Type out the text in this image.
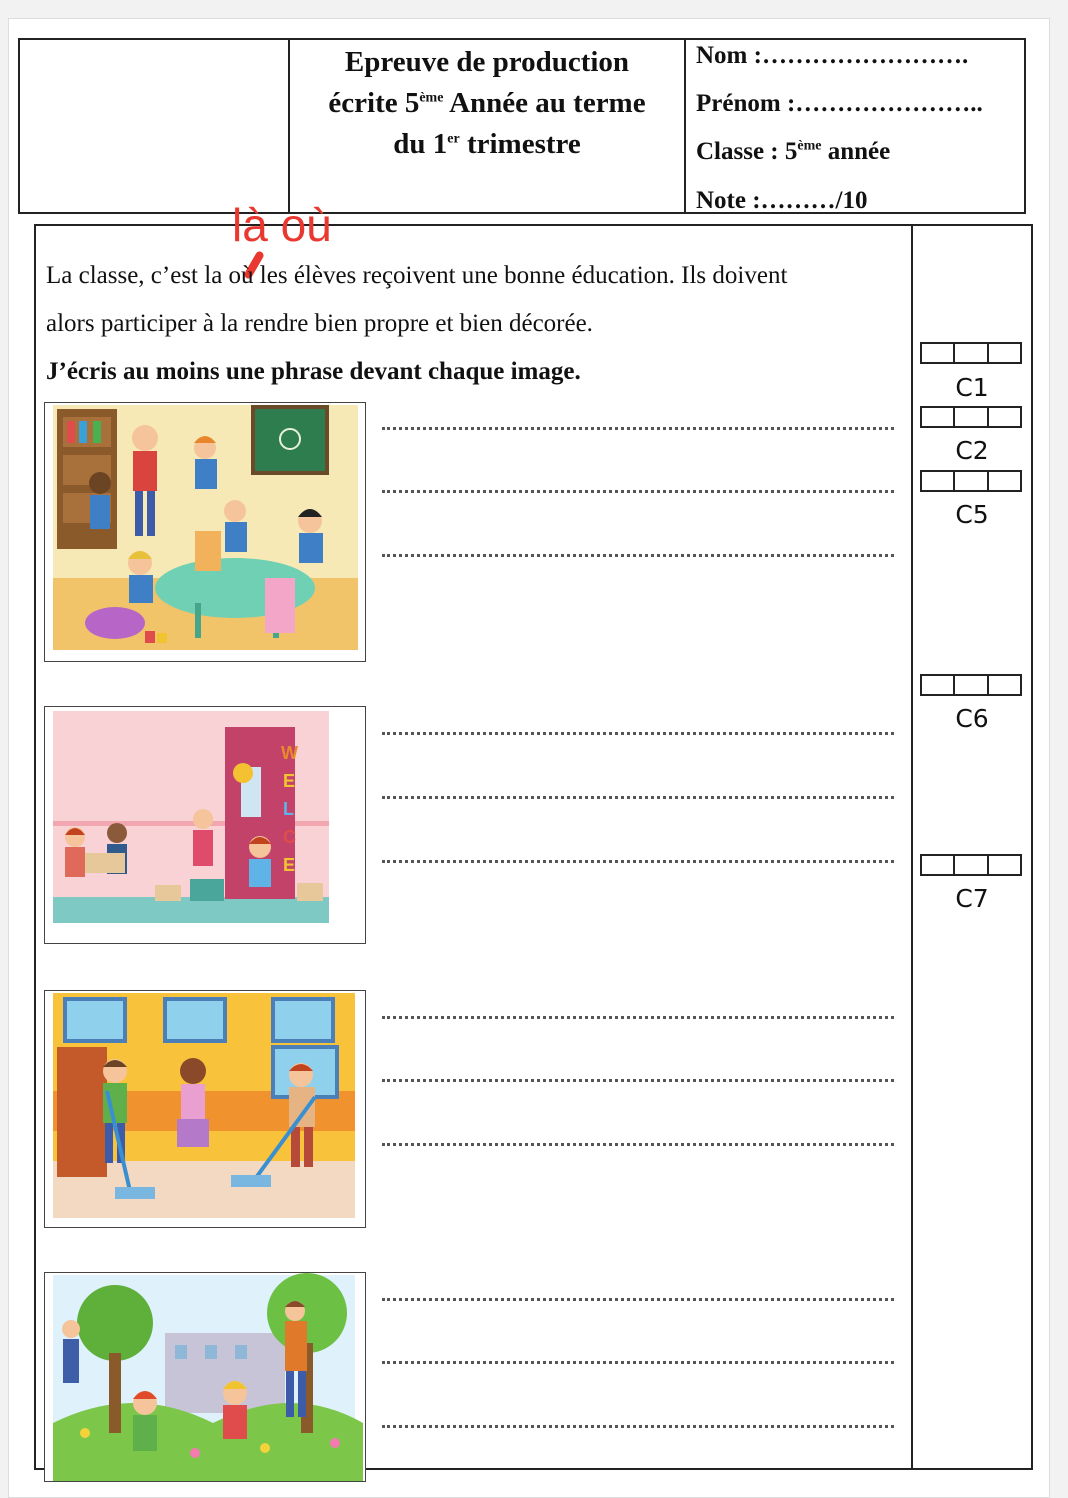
Epreuve de production
écrite 5ème Année au terme
du 1er trimestre
Nom :…………………….
Prénom :…………………..
Classe : 5ème année
Note :………/10
là où
La classe, c’est la où les élèves reçoivent une bonne éducation. Ils doivent
alors participer à la rendre bien propre et bien décorée.
J’écris au moins une phrase devant chaque image.
W
E
L
C
E
C1
C2
C5
C6
C7
